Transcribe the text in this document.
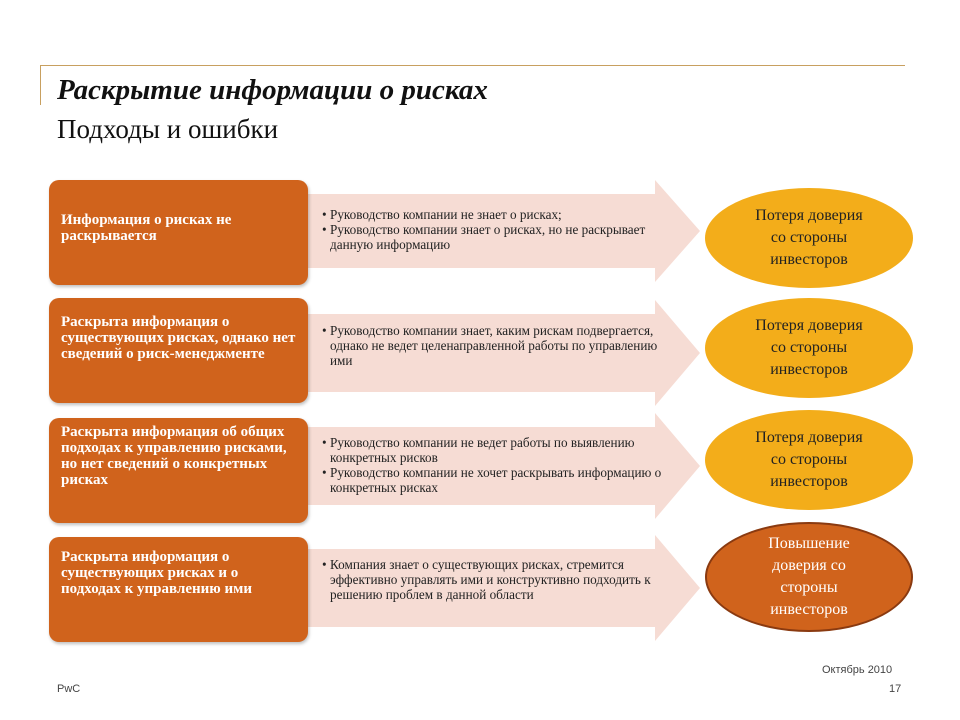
Раскрытие информации о рисках
Подходы и ошибки
Информация о рисках не раскрывается
• Руководство компании не знает о рисках;
• Руководство компании знает о рисках, но не раскрывает данную информацию
Потеря доверия со стороны инвесторов
Раскрыта информация о существующих рисках, однако нет сведений о риск-менеджменте
• Руководство компании знает, каким рискам подвергается, однако не ведет целенаправленной работы по управлению ими
Потеря доверия со стороны инвесторов
Раскрыта информация об общих подходах к управлению рисками, но нет сведений о конкретных рисках
• Руководство компании не ведет работы по выявлению конкретных рисков
• Руководство компании не хочет раскрывать информацию о конкретных рисках
Потеря доверия со стороны инвесторов
Раскрыта информация о существующих рисках и о подходах к управлению ими
• Компания знает о существующих рисках, стремится эффективно управлять ими и конструктивно подходить к решению проблем в данной области
Повышение доверия со стороны инвесторов
PwC
Октябрь 2010
17
